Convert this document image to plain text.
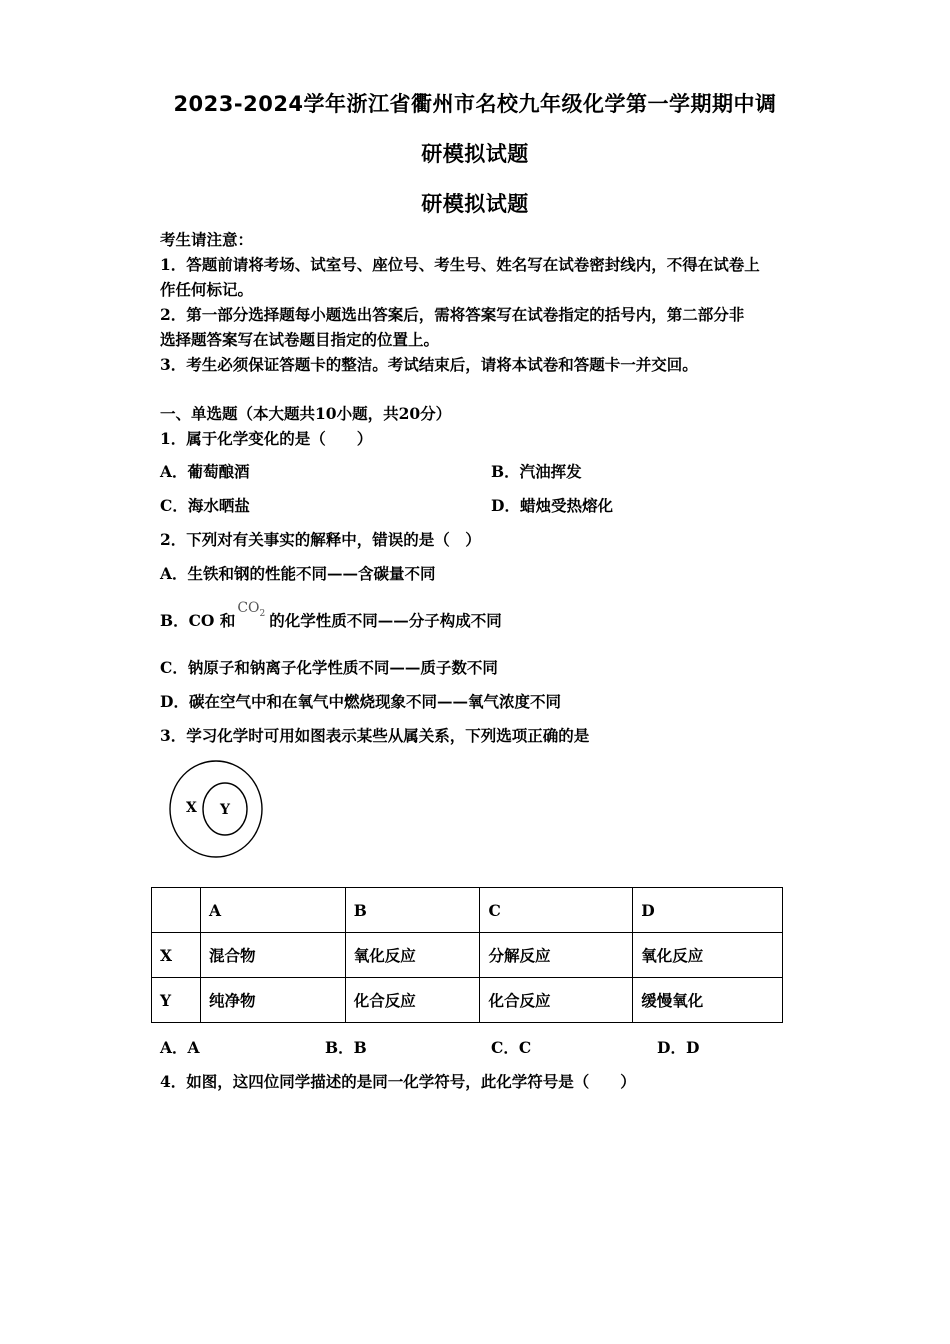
2023-2024学年浙江省衢州市名校九年级化学第一学期期中调
研模拟试题
研模拟试题
考生请注意：
1．答题前请将考场、试室号、座位号、考生号、姓名写在试卷密封线内，不得在试卷上
作任何标记。
2．第一部分选择题每小题选出答案后，需将答案写在试卷指定的括号内，第二部分非
选择题答案写在试卷题目指定的位置上。
3．考生必须保证答题卡的整洁。考试结束后，请将本试卷和答题卡一并交回。
一、单选题（本大题共10小题，共20分）
1．属于化学变化的是（　　）
A．葡萄酿酒	B．汽油挥发
C．海水晒盐	D．蜡烛受热熔化
2．下列对有关事实的解释中，错误的是（　）
A．生铁和钢的性能不同——含碳量不同
B．CO 和$CO_2$ 的化学性质不同——分子构成不同
C．钠原子和钠离子化学性质不同——质子数不同
D．碳在空气中和在氧气中燃烧现象不同——氧气浓度不同
3．学习化学时可用如图表示某些从属关系，下列选项正确的是
X Y
	A	B	C	D
X	混合物	氧化反应	分解反应	氧化反应
Y	纯净物	化合反应	化合反应	缓慢氧化
A．A	B．B	C．C	D．D
4．如图，这四位同学描述的是同一化学符号，此化学符号是（　　）
